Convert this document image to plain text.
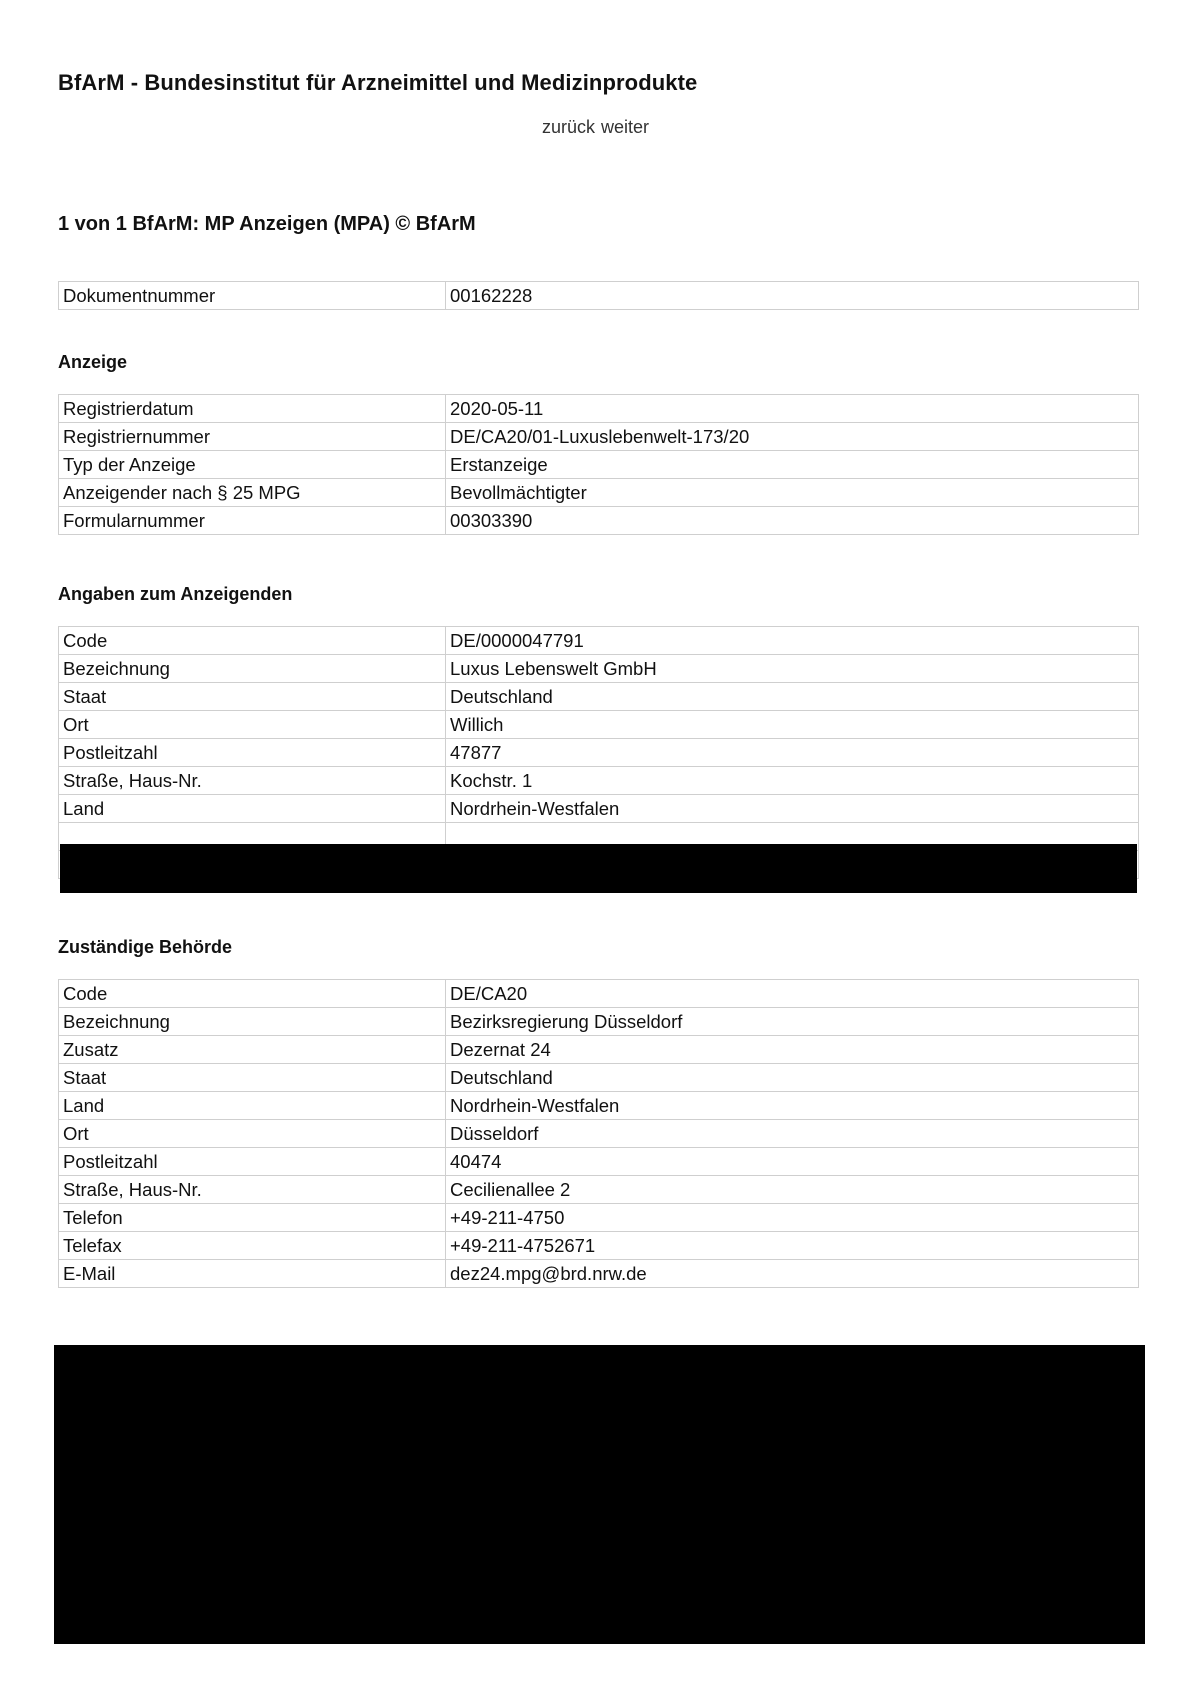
BfArM - Bundesinstitut für Arzneimittel und Medizinprodukte
zurück weiter
1 von 1 BfArM: MP Anzeigen (MPA) © BfArM
Dokumentnummer	00162228
Anzeige
Registrierdatum	2020-05-11
Registriernummer	DE/CA20/01-Luxuslebenwelt-173/20
Typ der Anzeige	Erstanzeige
Anzeigender nach § 25 MPG	Bevollmächtigter
Formularnummer	00303390
Angaben zum Anzeigenden
Code	DE/0000047791
Bezeichnung	Luxus Lebenswelt GmbH
Staat	Deutschland
Ort	Willich
Postleitzahl	47877
Straße, Haus-Nr.	Kochstr. 1
Land	Nordrhein-Westfalen

Zuständige Behörde
Code	DE/CA20
Bezeichnung	Bezirksregierung Düsseldorf
Zusatz	Dezernat 24
Staat	Deutschland
Land	Nordrhein-Westfalen
Ort	Düsseldorf
Postleitzahl	40474
Straße, Haus-Nr.	Cecilienallee 2
Telefon	+49-211-4750
Telefax	+49-211-4752671
E-Mail	dez24.mpg@brd.nrw.de
